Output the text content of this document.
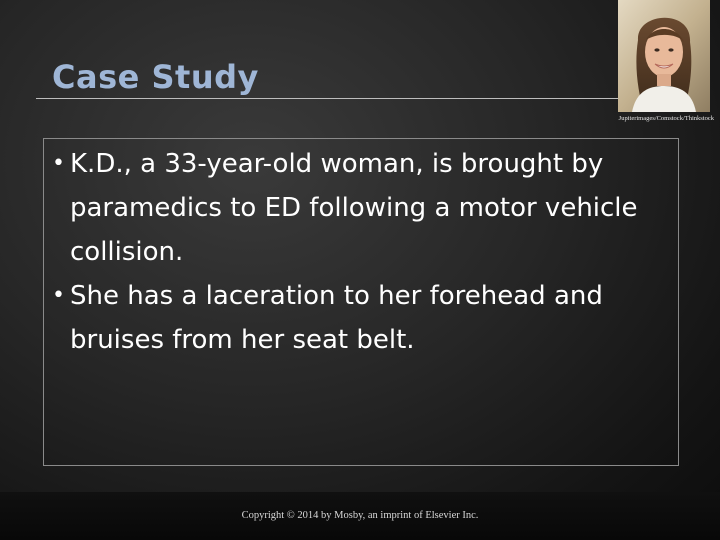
Case Study
Jupiterimages/Comstock/Thinkstock
• K.D., a 33-year-old woman, is brought by paramedics to ED following a motor vehicle collision.
• She has a laceration to her forehead and bruises from her seat belt.
Copyright © 2014 by Mosby, an imprint of Elsevier Inc.
